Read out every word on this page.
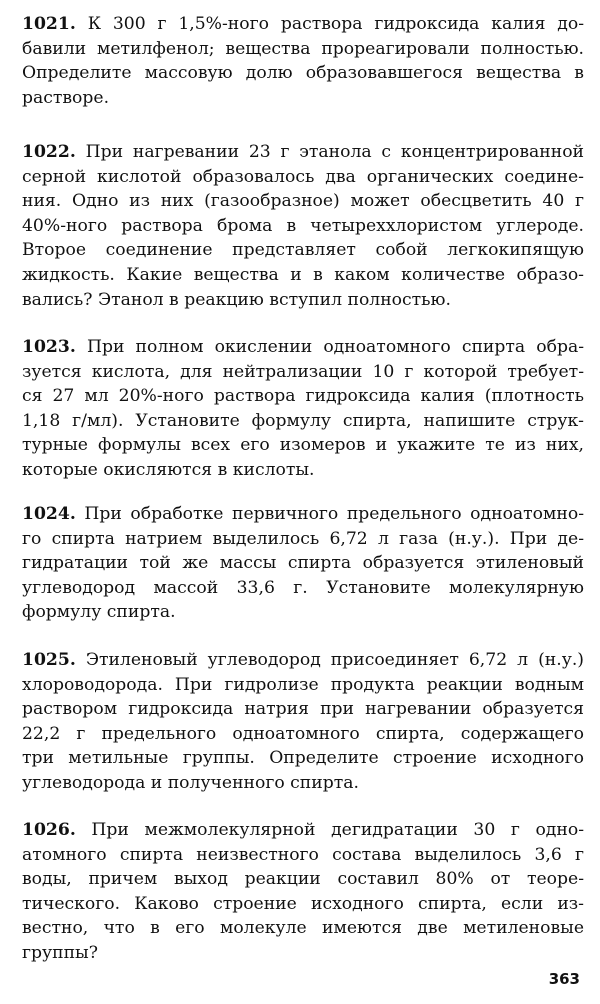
1021. К 300 г 1,5%-ного раствора гидроксида калия до-
бавили метилфенол; вещества прореагировали полностью.
Определите массовую долю образовавшегося вещества в
растворе.
1022. При нагревании 23 г этанола с концентрированной
серной кислотой образовалось два органических соедине-
ния. Одно из них (газообразное) может обесцветить 40 г
40%-ного раствора брома в четыреххлористом углероде.
Второе соединение представляет собой легкокипящую
жидкость. Какие вещества и в каком количестве образо-
вались? Этанол в реакцию вступил полностью.
1023. При полном окислении одноатомного спирта обра-
зуется кислота, для нейтрализации 10 г которой требует-
ся 27 мл 20%-ного раствора гидроксида калия (плотность
1,18 г/мл). Установите формулу спирта, напишите струк-
турные формулы всех его изомеров и укажите те из них,
которые окисляются в кислоты.
1024. При обработке первичного предельного одноатомно-
го спирта натрием выделилось 6,72 л газа (н.у.). При де-
гидратации той же массы спирта образуется этиленовый
углеводород массой 33,6 г. Установите молекулярную
формулу спирта.
1025. Этиленовый углеводород присоединяет 6,72 л (н.у.)
хлороводорода. При гидролизе продукта реакции водным
раствором гидроксида натрия при нагревании образуется
22,2 г предельного одноатомного спирта, содержащего
три метильные группы. Определите строение исходного
углеводорода и полученного спирта.
1026. При межмолекулярной дегидратации 30 г одно-
атомного спирта неизвестного состава выделилось 3,6 г
воды, причем выход реакции составил 80% от теоре-
тического. Каково строение исходного спирта, если из-
вестно, что в его молекуле имеются две метиленовые
группы?
363
